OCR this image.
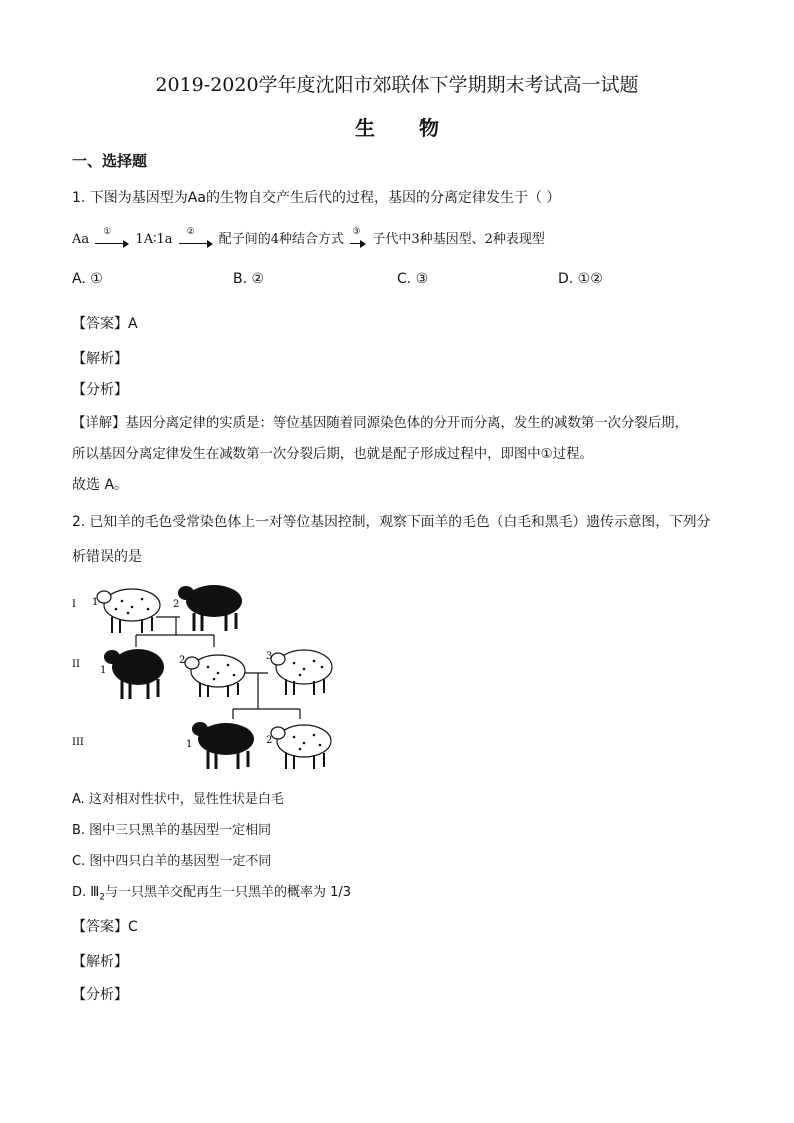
2019-2020学年度沈阳市郊联体下学期期末考试高一试题
生 物
一、选择题
1. 下图为基因型为Aa的生物自交产生后代的过程，基因的分离定律发生于（ ）
Aa ① 1A∶1a ② 配子间的4种结合方式 ③ 子代中3种基因型、2种表现型
A. ①	B. ②	C. ③	D. ①②
【答案】A
【解析】
【分析】
【详解】基因分离定律的实质是：等位基因随着同源染色体的分开而分离，发生的减数第一次分裂后期，
所以基因分离定律发生在减数第一次分裂后期，也就是配子形成过程中，即图中①过程。
故选 A。
2. 已知羊的毛色受常染色体上一对等位基因控制，观察下面羊的毛色（白毛和黑毛）遗传示意图，下列分
析错误的是
I
II
III
1	2
1
2	3
1	2
A. 这对相对性状中，显性性状是白毛
B. 图中三只黑羊的基因型一定相同
C. 图中四只白羊的基因型一定不同
D. $Ⅲ_2$与一只黑羊交配再生一只黑羊的概率为 1/3
【答案】C
【解析】
【分析】
